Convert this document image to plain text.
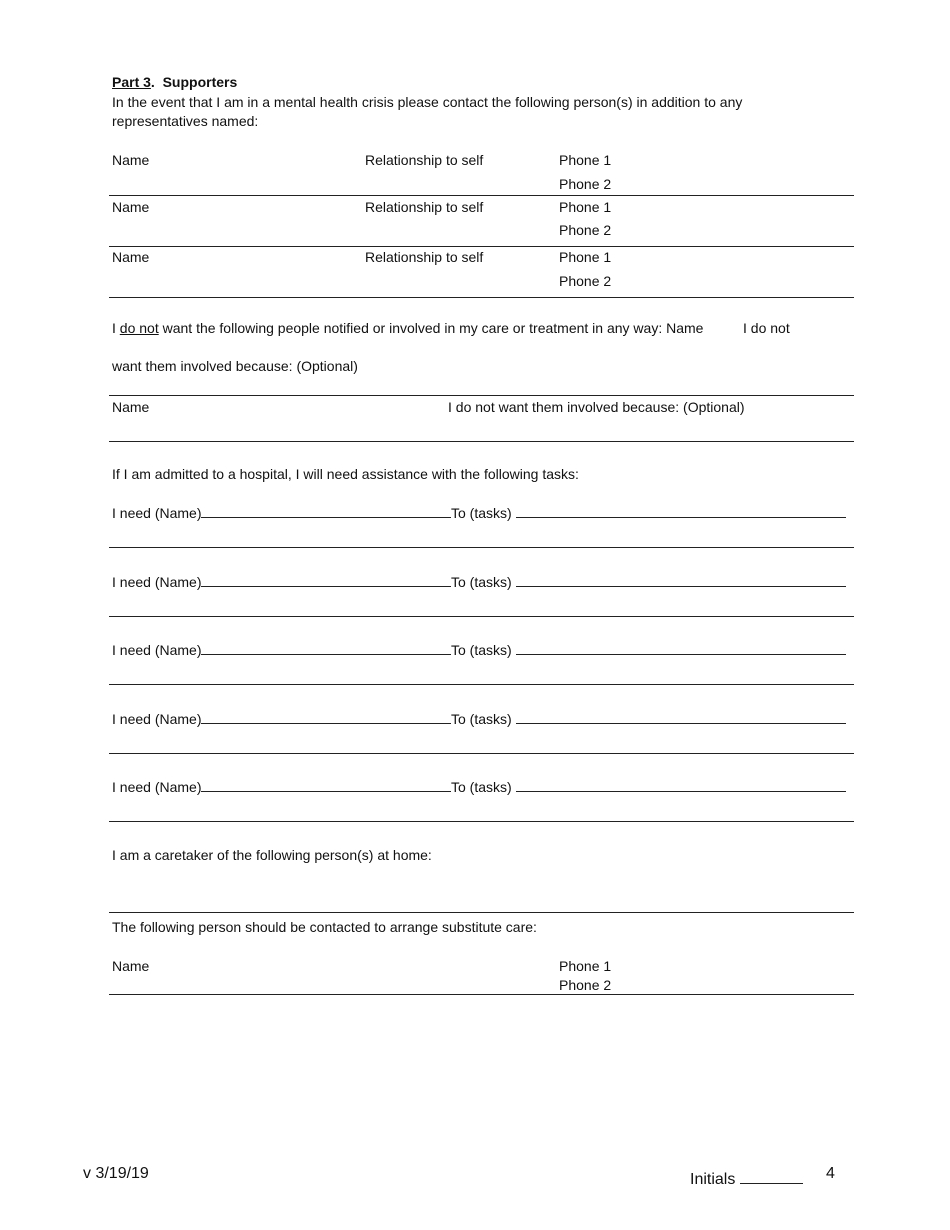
Part 3.  Supporters
In the event that I am in a mental health crisis please contact the following person(s) in addition to any representatives named:
Name	Relationship to self	Phone 1
Phone 2
Name	Relationship to self	Phone 1
Phone 2
Name	Relationship to self	Phone 1
Phone 2
I do not want the following people notified or involved in my care or treatment in any way: Name	I do not
want them involved because: (Optional)
Name	I do not want them involved because: (Optional)
If I am admitted to a hospital, I will need assistance with the following tasks:
I need (Name)	To (tasks)
I need (Name)	To (tasks)
I need (Name)	To (tasks)
I need (Name)	To (tasks)
I need (Name)	To (tasks)
I am a caretaker of the following person(s) at home:
The following person should be contacted to arrange substitute care:
Name	Phone 1
Phone 2
v 3/19/19	Initials	4
